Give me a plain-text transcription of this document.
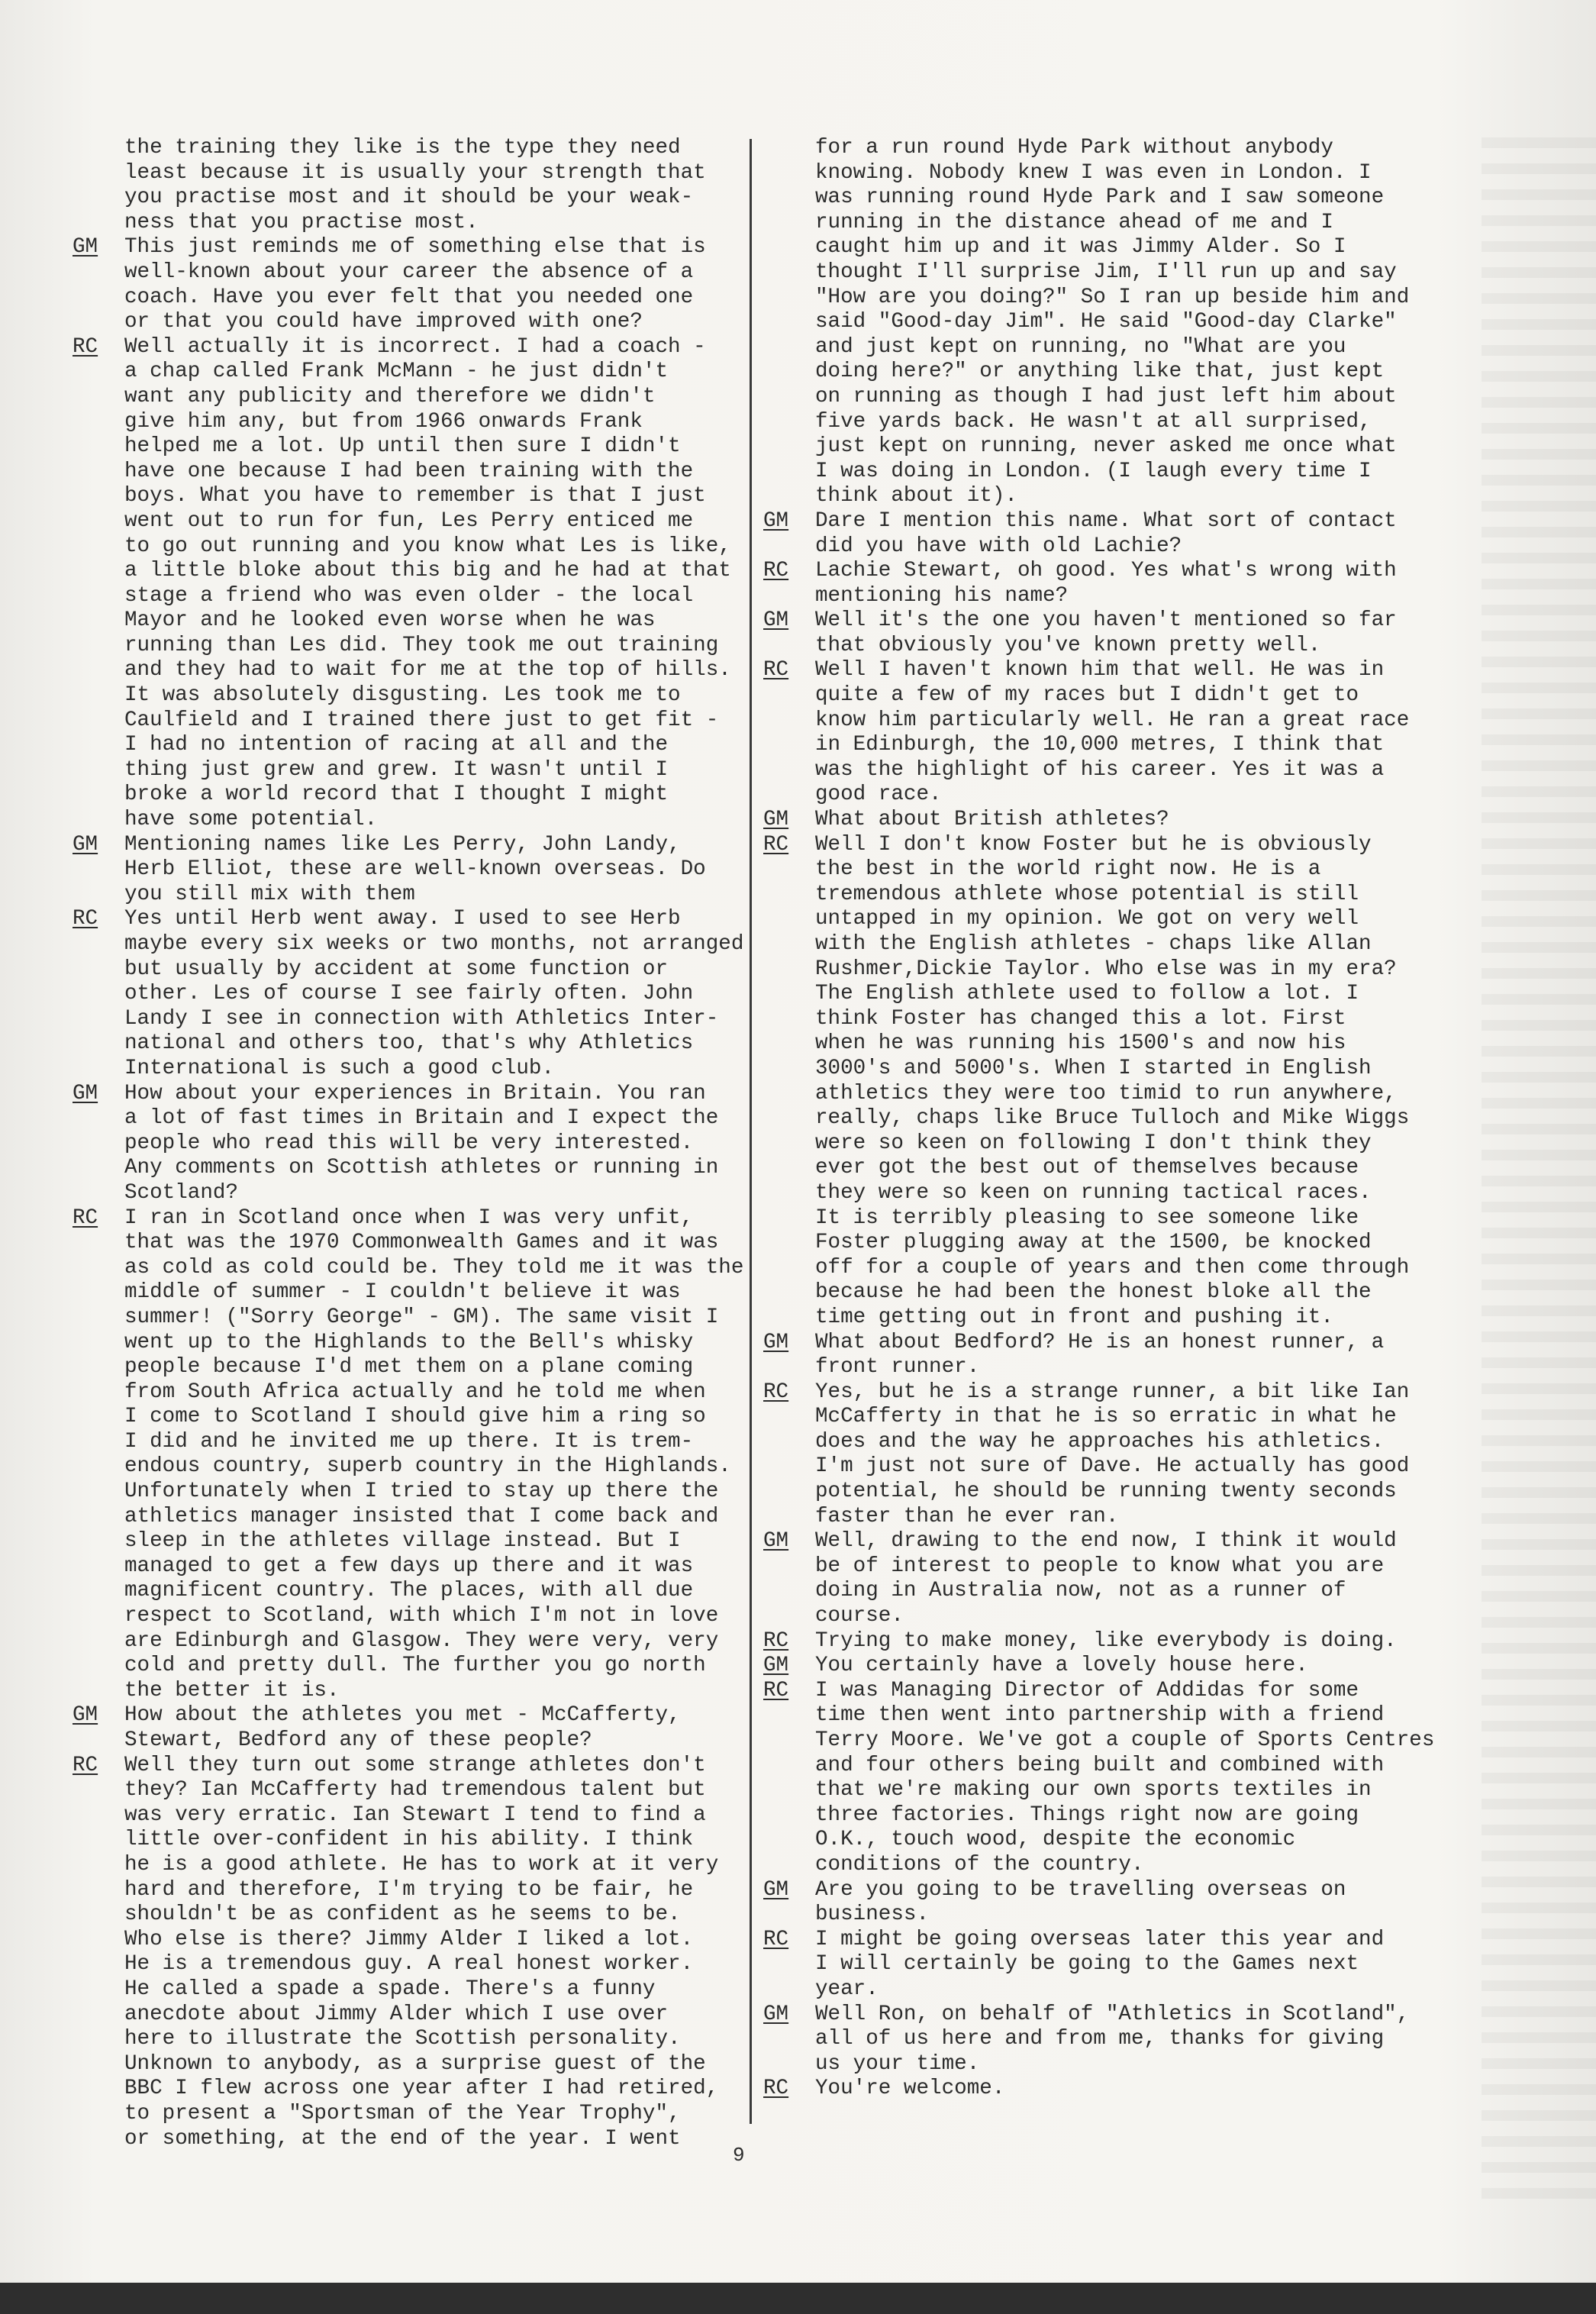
the training they like is the type they need
least because it is usually your strength that
you practise most and it should be your weak-
ness that you practise most.
GM	This just reminds me of something else that is
well-known about your career the absence of a
coach. Have you ever felt that you needed one
or that you could have improved with one?
RC	Well actually it is incorrect. I had a coach -
a chap called Frank McMann - he just didn't
want any publicity and therefore we didn't
give him any, but from 1966 onwards Frank
helped me a lot. Up until then sure I didn't
have one because I had been training with the
boys. What you have to remember is that I just
went out to run for fun, Les Perry enticed me
to go out running and you know what Les is like,
a little bloke about this big and he had at that
stage a friend who was even older - the local
Mayor and he looked even worse when he was
running than Les did. They took me out training
and they had to wait for me at the top of hills.
It was absolutely disgusting. Les took me to
Caulfield and I trained there just to get fit -
I had no intention of racing at all and the
thing just grew and grew. It wasn't until I
broke a world record that I thought I might
have some potential.
GM	Mentioning names like Les Perry, John Landy,
Herb Elliot, these are well-known overseas. Do
you still mix with them
RC	Yes until Herb went away. I used to see Herb
maybe every six weeks or two months, not arranged
but usually by accident at some function or
other. Les of course I see fairly often. John
Landy I see in connection with Athletics Inter-
national and others too, that's why Athletics
International is such a good club.
GM	How about your experiences in Britain. You ran
a lot of fast times in Britain and I expect the
people who read this will be very interested.
Any comments on Scottish athletes or running in
Scotland?
RC	I ran in Scotland once when I was very unfit,
that was the 1970 Commonwealth Games and it was
as cold as cold could be. They told me it was the
middle of summer - I couldn't believe it was
summer! ("Sorry George" - GM). The same visit I
went up to the Highlands to the Bell's whisky
people because I'd met them on a plane coming
from South Africa actually and he told me when
I come to Scotland I should give him a ring so
I did and he invited me up there. It is trem-
endous country, superb country in the Highlands.
Unfortunately when I tried to stay up there the
athletics manager insisted that I come back and
sleep in the athletes village instead. But I
managed to get a few days up there and it was
magnificent country. The places, with all due
respect to Scotland, with which I'm not in love
are Edinburgh and Glasgow. They were very, very
cold and pretty dull. The further you go north
the better it is.
GM	How about the athletes you met - McCafferty,
Stewart, Bedford any of these people?
RC	Well they turn out some strange athletes don't
they? Ian McCafferty had tremendous talent but
was very erratic. Ian Stewart I tend to find a
little over-confident in his ability. I think
he is a good athlete. He has to work at it very
hard and therefore, I'm trying to be fair, he
shouldn't be as confident as he seems to be.
Who else is there? Jimmy Alder I liked a lot.
He is a tremendous guy. A real honest worker.
He called a spade a spade. There's a funny
anecdote about Jimmy Alder which I use over
here to illustrate the Scottish personality.
Unknown to anybody, as a surprise guest of the
BBC I flew across one year after I had retired,
to present a "Sportsman of the Year Trophy",
or something, at the end of the year. I went
for a run round Hyde Park without anybody
knowing. Nobody knew I was even in London. I
was running round Hyde Park and I saw someone
running in the distance ahead of me and I
caught him up and it was Jimmy Alder. So I
thought I'll surprise Jim, I'll run up and say
"How are you doing?" So I ran up beside him and
said "Good-day Jim". He said "Good-day Clarke"
and just kept on running, no "What are you
doing here?" or anything like that, just kept
on running as though I had just left him about
five yards back. He wasn't at all surprised,
just kept on running, never asked me once what
I was doing in London. (I laugh every time I
think about it).
GM	Dare I mention this name. What sort of contact
did you have with old Lachie?
RC	Lachie Stewart, oh good. Yes what's wrong with
mentioning his name?
GM	Well it's the one you haven't mentioned so far
that obviously you've known pretty well.
RC	Well I haven't known him that well. He was in
quite a few of my races but I didn't get to
know him particularly well. He ran a great race
in Edinburgh, the 10,000 metres, I think that
was the highlight of his career. Yes it was a
good race.
GM	What about British athletes?
RC	Well I don't know Foster but he is obviously
the best in the world right now. He is a
tremendous athlete whose potential is still
untapped in my opinion. We got on very well
with the English athletes - chaps like Allan
Rushmer,Dickie Taylor. Who else was in my era?
The English athlete used to follow a lot. I
think Foster has changed this a lot. First
when he was running his 1500's and now his
3000's and 5000's. When I started in English
athletics they were too timid to run anywhere,
really, chaps like Bruce Tulloch and Mike Wiggs
were so keen on following I don't think they
ever got the best out of themselves because
they were so keen on running tactical races.
It is terribly pleasing to see someone like
Foster plugging away at the 1500, be knocked
off for a couple of years and then come through
because he had been the honest bloke all the
time getting out in front and pushing it.
GM	What about Bedford? He is an honest runner, a
front runner.
RC	Yes, but he is a strange runner, a bit like Ian
McCafferty in that he is so erratic in what he
does and the way he approaches his athletics.
I'm just not sure of Dave. He actually has good
potential, he should be running twenty seconds
faster than he ever ran.
GM	Well, drawing to the end now, I think it would
be of interest to people to know what you are
doing in Australia now, not as a runner of
course.
RC	Trying to make money, like everybody is doing.
GM	You certainly have a lovely house here.
RC	I was Managing Director of Addidas for some
time then went into partnership with a friend
Terry Moore. We've got a couple of Sports Centres
and four others being built and combined with
that we're making our own sports textiles in
three factories. Things right now are going
O.K., touch wood, despite the economic
conditions of the country.
GM	Are you going to be travelling overseas on
business.
RC	I might be going overseas later this year and
I will certainly be going to the Games next
year.
GM	Well Ron, on behalf of "Athletics in Scotland",
all of us here and from me, thanks for giving
us your time.
RC	You're welcome.
9
